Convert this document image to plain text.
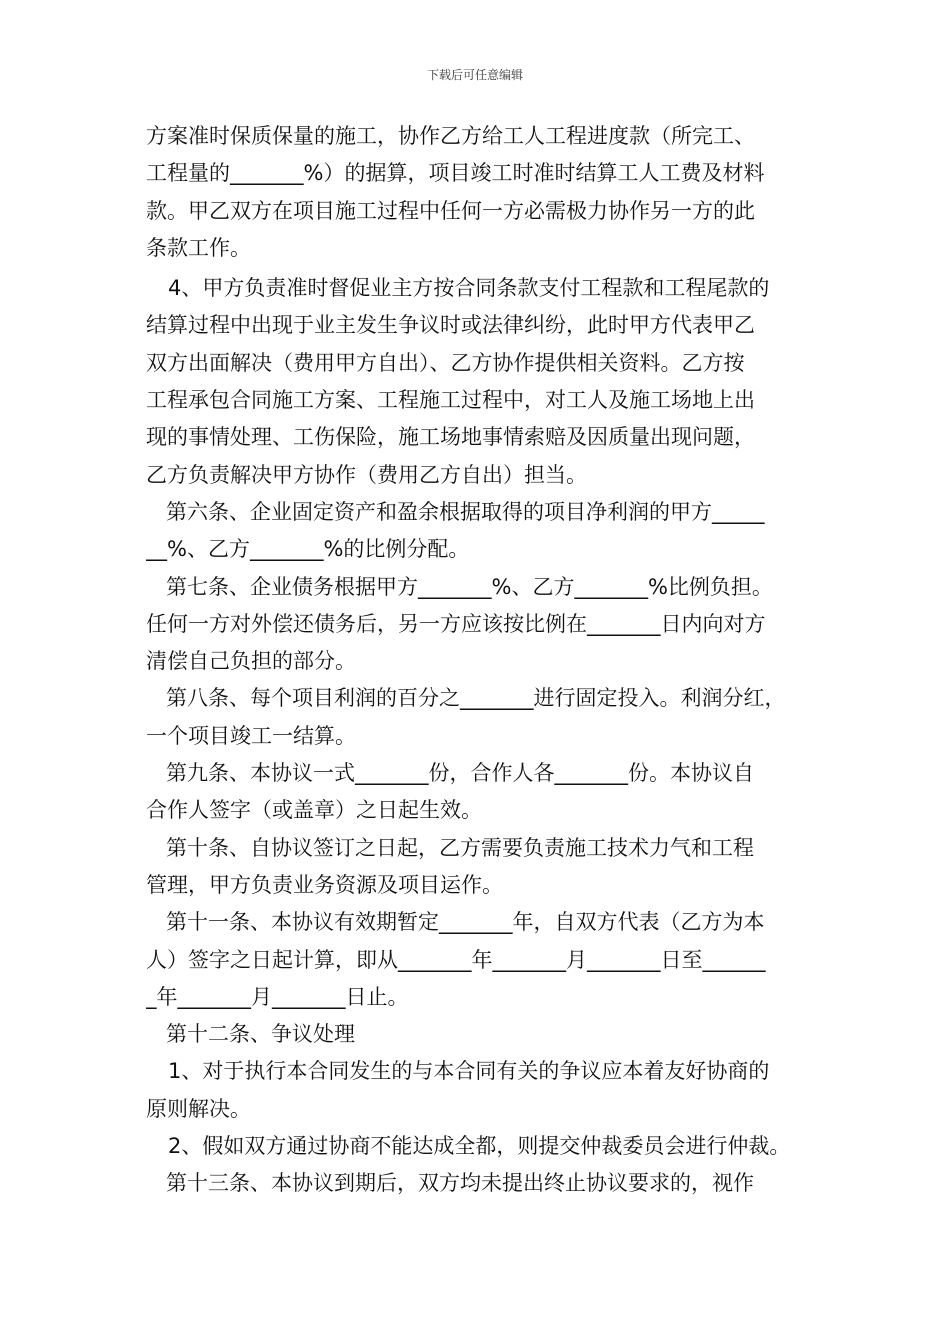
下载后可任意编辑
方案准时保质保量的施工，协作乙方给工人工程进度款（所完工、
工程量的_______%）的据算，项目竣工时准时结算工人工费及材料
款。甲乙双方在项目施工过程中任何一方必需极力协作另一方的此
条款工作。
4、甲方负责准时督促业主方按合同条款支付工程款和工程尾款的
结算过程中出现于业主发生争议时或法律纠纷，此时甲方代表甲乙
双方出面解决（费用甲方自出）、乙方协作提供相关资料。乙方按
工程承包合同施工方案、工程施工过程中，对工人及施工场地上出
现的事情处理、工伤保险，施工场地事情索赔及因质量出现问题，
乙方负责解决甲方协作（费用乙方自出）担当。
第六条、企业固定资产和盈余根据取得的项目净利润的甲方_____
__%、乙方_______%的比例分配。
第七条、企业债务根据甲方_______%、乙方_______%比例负担。
任何一方对外偿还债务后，另一方应该按比例在_______日内向对方
清偿自己负担的部分。
第八条、每个项目利润的百分之_______进行固定投入。利润分红，
一个项目竣工一结算。
第九条、本协议一式_______份，合作人各_______份。本协议自
合作人签字（或盖章）之日起生效。
第十条、自协议签订之日起，乙方需要负责施工技术力气和工程
管理，甲方负责业务资源及项目运作。
第十一条、本协议有效期暂定_______年，自双方代表（乙方为本
人）签字之日起计算，即从_______年_______月_______日至______
_年_______月_______日止。
第十二条、争议处理
1、对于执行本合同发生的与本合同有关的争议应本着友好协商的
原则解决。
2、假如双方通过协商不能达成全都，则提交仲裁委员会进行仲裁。
第十三条、本协议到期后，双方均未提出终止协议要求的，视作
